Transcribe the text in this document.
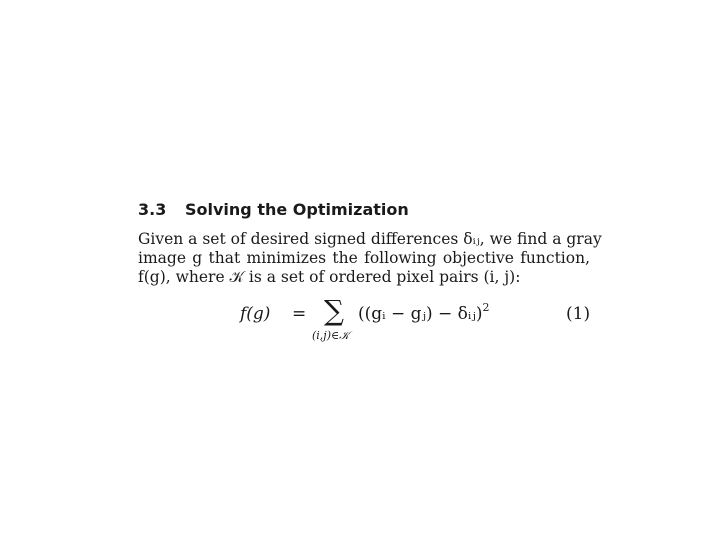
3.3 Solving the Optimization

Given a set of desired signed differences δᵢⱼ, we find a gray
image g that minimizes the following objective function,
f(g), where 𝒦 is a set of ordered pixel pairs (i, j):

f(g) = ∑
(i,j)∈𝒦
((gᵢ − gⱼ) − δᵢⱼ)$^2$	(1)
